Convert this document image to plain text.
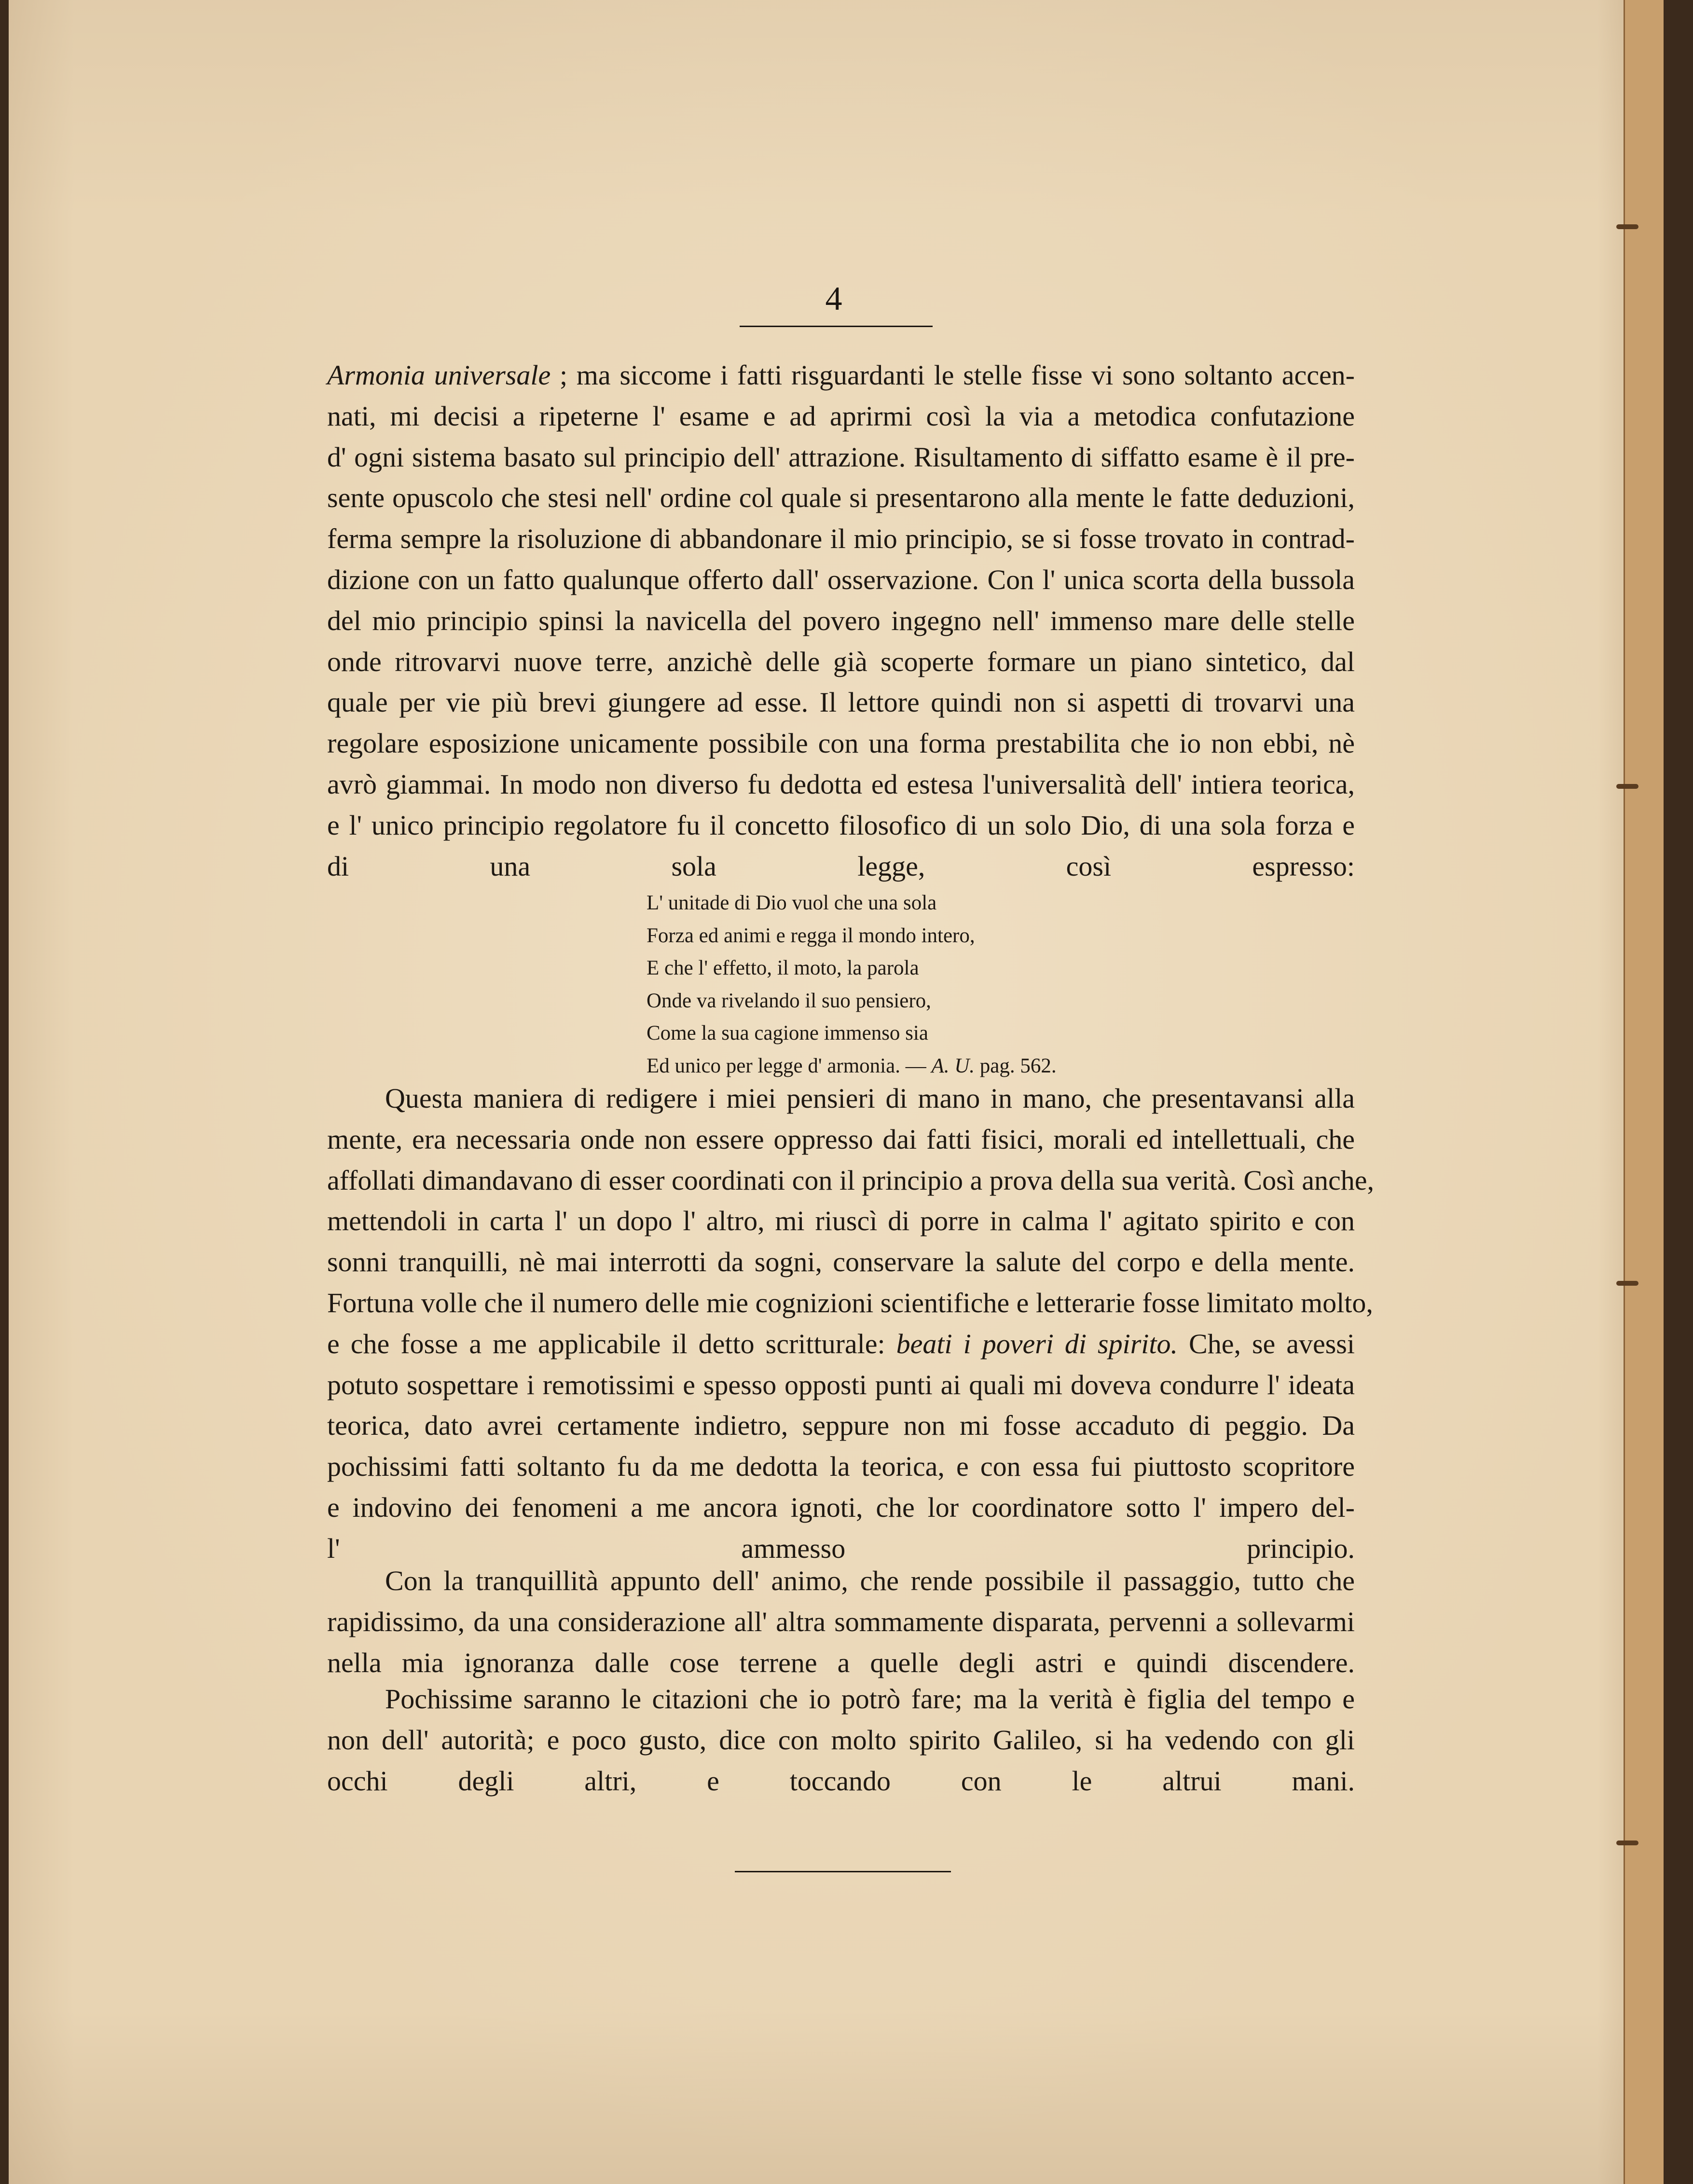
4
Armonia universale ; ma siccome i fatti risguardanti le stelle fisse vi sono soltanto accen-
nati, mi decisi a ripeterne l' esame e ad aprirmi così la via a metodica confutazione
d' ogni sistema basato sul principio dell' attrazione. Risultamento di siffatto esame è il pre-
sente opuscolo che stesi nell' ordine col quale si presentarono alla mente le fatte deduzioni,
ferma sempre la risoluzione di abbandonare il mio principio, se si fosse trovato in contrad-
dizione con un fatto qualunque offerto dall' osservazione. Con l' unica scorta della bussola
del mio principio spinsi la navicella del povero ingegno nell' immenso mare delle stelle
onde ritrovarvi nuove terre, anzichè delle già scoperte formare un piano sintetico, dal
quale per vie più brevi giungere ad esse. Il lettore quindi non si aspetti di trovarvi una
regolare esposizione unicamente possibile con una forma prestabilita che io non ebbi, nè
avrò giammai. In modo non diverso fu dedotta ed estesa l'universalità dell' intiera teorica,
e l' unico principio regolatore fu il concetto filosofico di un solo Dio, di una sola forza e
di una sola legge, così espresso:
L' unitade di Dio vuol che una sola
Forza ed animi e regga il mondo intero,
E che l' effetto, il moto, la parola
Onde va rivelando il suo pensiero,
Come la sua cagione immenso sia
Ed unico per legge d' armonia. — A. U. pag. 562.
Questa maniera di redigere i miei pensieri di mano in mano, che presentavansi alla
mente, era necessaria onde non essere oppresso dai fatti fisici, morali ed intellettuali, che
affollati dimandavano di esser coordinati con il principio a prova della sua verità. Così anche,
mettendoli in carta l' un dopo l' altro, mi riuscì di porre in calma l' agitato spirito e con
sonni tranquilli, nè mai interrotti da sogni, conservare la salute del corpo e della mente.
Fortuna volle che il numero delle mie cognizioni scientifiche e letterarie fosse limitato molto,
e che fosse a me applicabile il detto scritturale: beati i poveri di spirito. Che, se avessi
potuto sospettare i remotissimi e spesso opposti punti ai quali mi doveva condurre l' ideata
teorica, dato avrei certamente indietro, seppure non mi fosse accaduto di peggio. Da
pochissimi fatti soltanto fu da me dedotta la teorica, e con essa fui piuttosto scopritore
e indovino dei fenomeni a me ancora ignoti, che lor coordinatore sotto l' impero del-
l' ammesso principio.
Con la tranquillità appunto dell' animo, che rende possibile il passaggio, tutto che
rapidissimo, da una considerazione all' altra sommamente disparata, pervenni a sollevarmi
nella mia ignoranza dalle cose terrene a quelle degli astri e quindi discendere.
Pochissime saranno le citazioni che io potrò fare; ma la verità è figlia del tempo e
non dell' autorità; e poco gusto, dice con molto spirito Galileo, si ha vedendo con gli
occhi degli altri, e toccando con le altrui mani.
